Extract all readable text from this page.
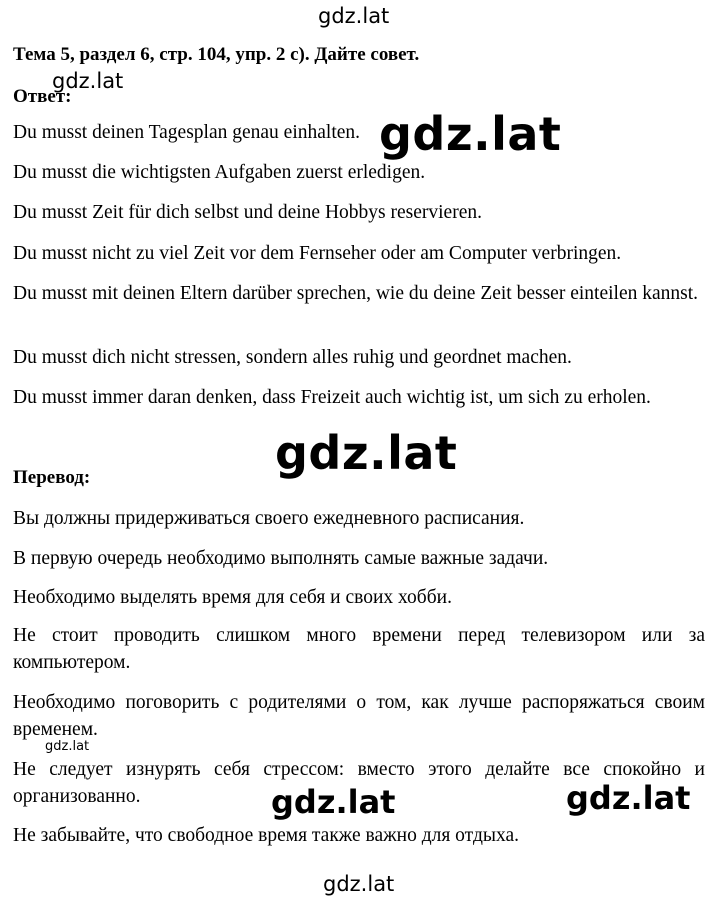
gdz.lat
gdz.lat
gdz.lat
gdz.lat
gdz.lat
Тема 5, раздел 6, стр. 104, упр. 2 с). Дайте совет.
Ответ:
Du musst deinen Tagesplan genau einhalten.
Du musst die wichtigsten Aufgaben zuerst erledigen.
Du musst Zeit für dich selbst und deine Hobbys reservieren.
Du musst nicht zu viel Zeit vor dem Fernseher oder am Computer verbringen.
Du musst mit deinen Eltern darüber sprechen, wie du deine Zeit besser einteilen kannst.
Du musst dich nicht stressen, sondern alles ruhig und geordnet machen.
Du musst immer daran denken, dass Freizeit auch wichtig ist, um sich zu erholen.
Перевод:
Вы должны придерживаться своего ежедневного расписания.
В первую очередь необходимо выполнять самые важные задачи.
Необходимо выделять время для себя и своих хобби.
Не стоит проводить слишком много времени перед телевизором или за компьютером.
Необходимо поговорить с родителями о том, как лучше распоряжаться своим временем.
Не следует изнурять себя стрессом: вместо этого делайте все спокойно и организованно.
Не забывайте, что свободное время также важно для отдыха.
gdz.lat	gdz.lat
gdz.lat
